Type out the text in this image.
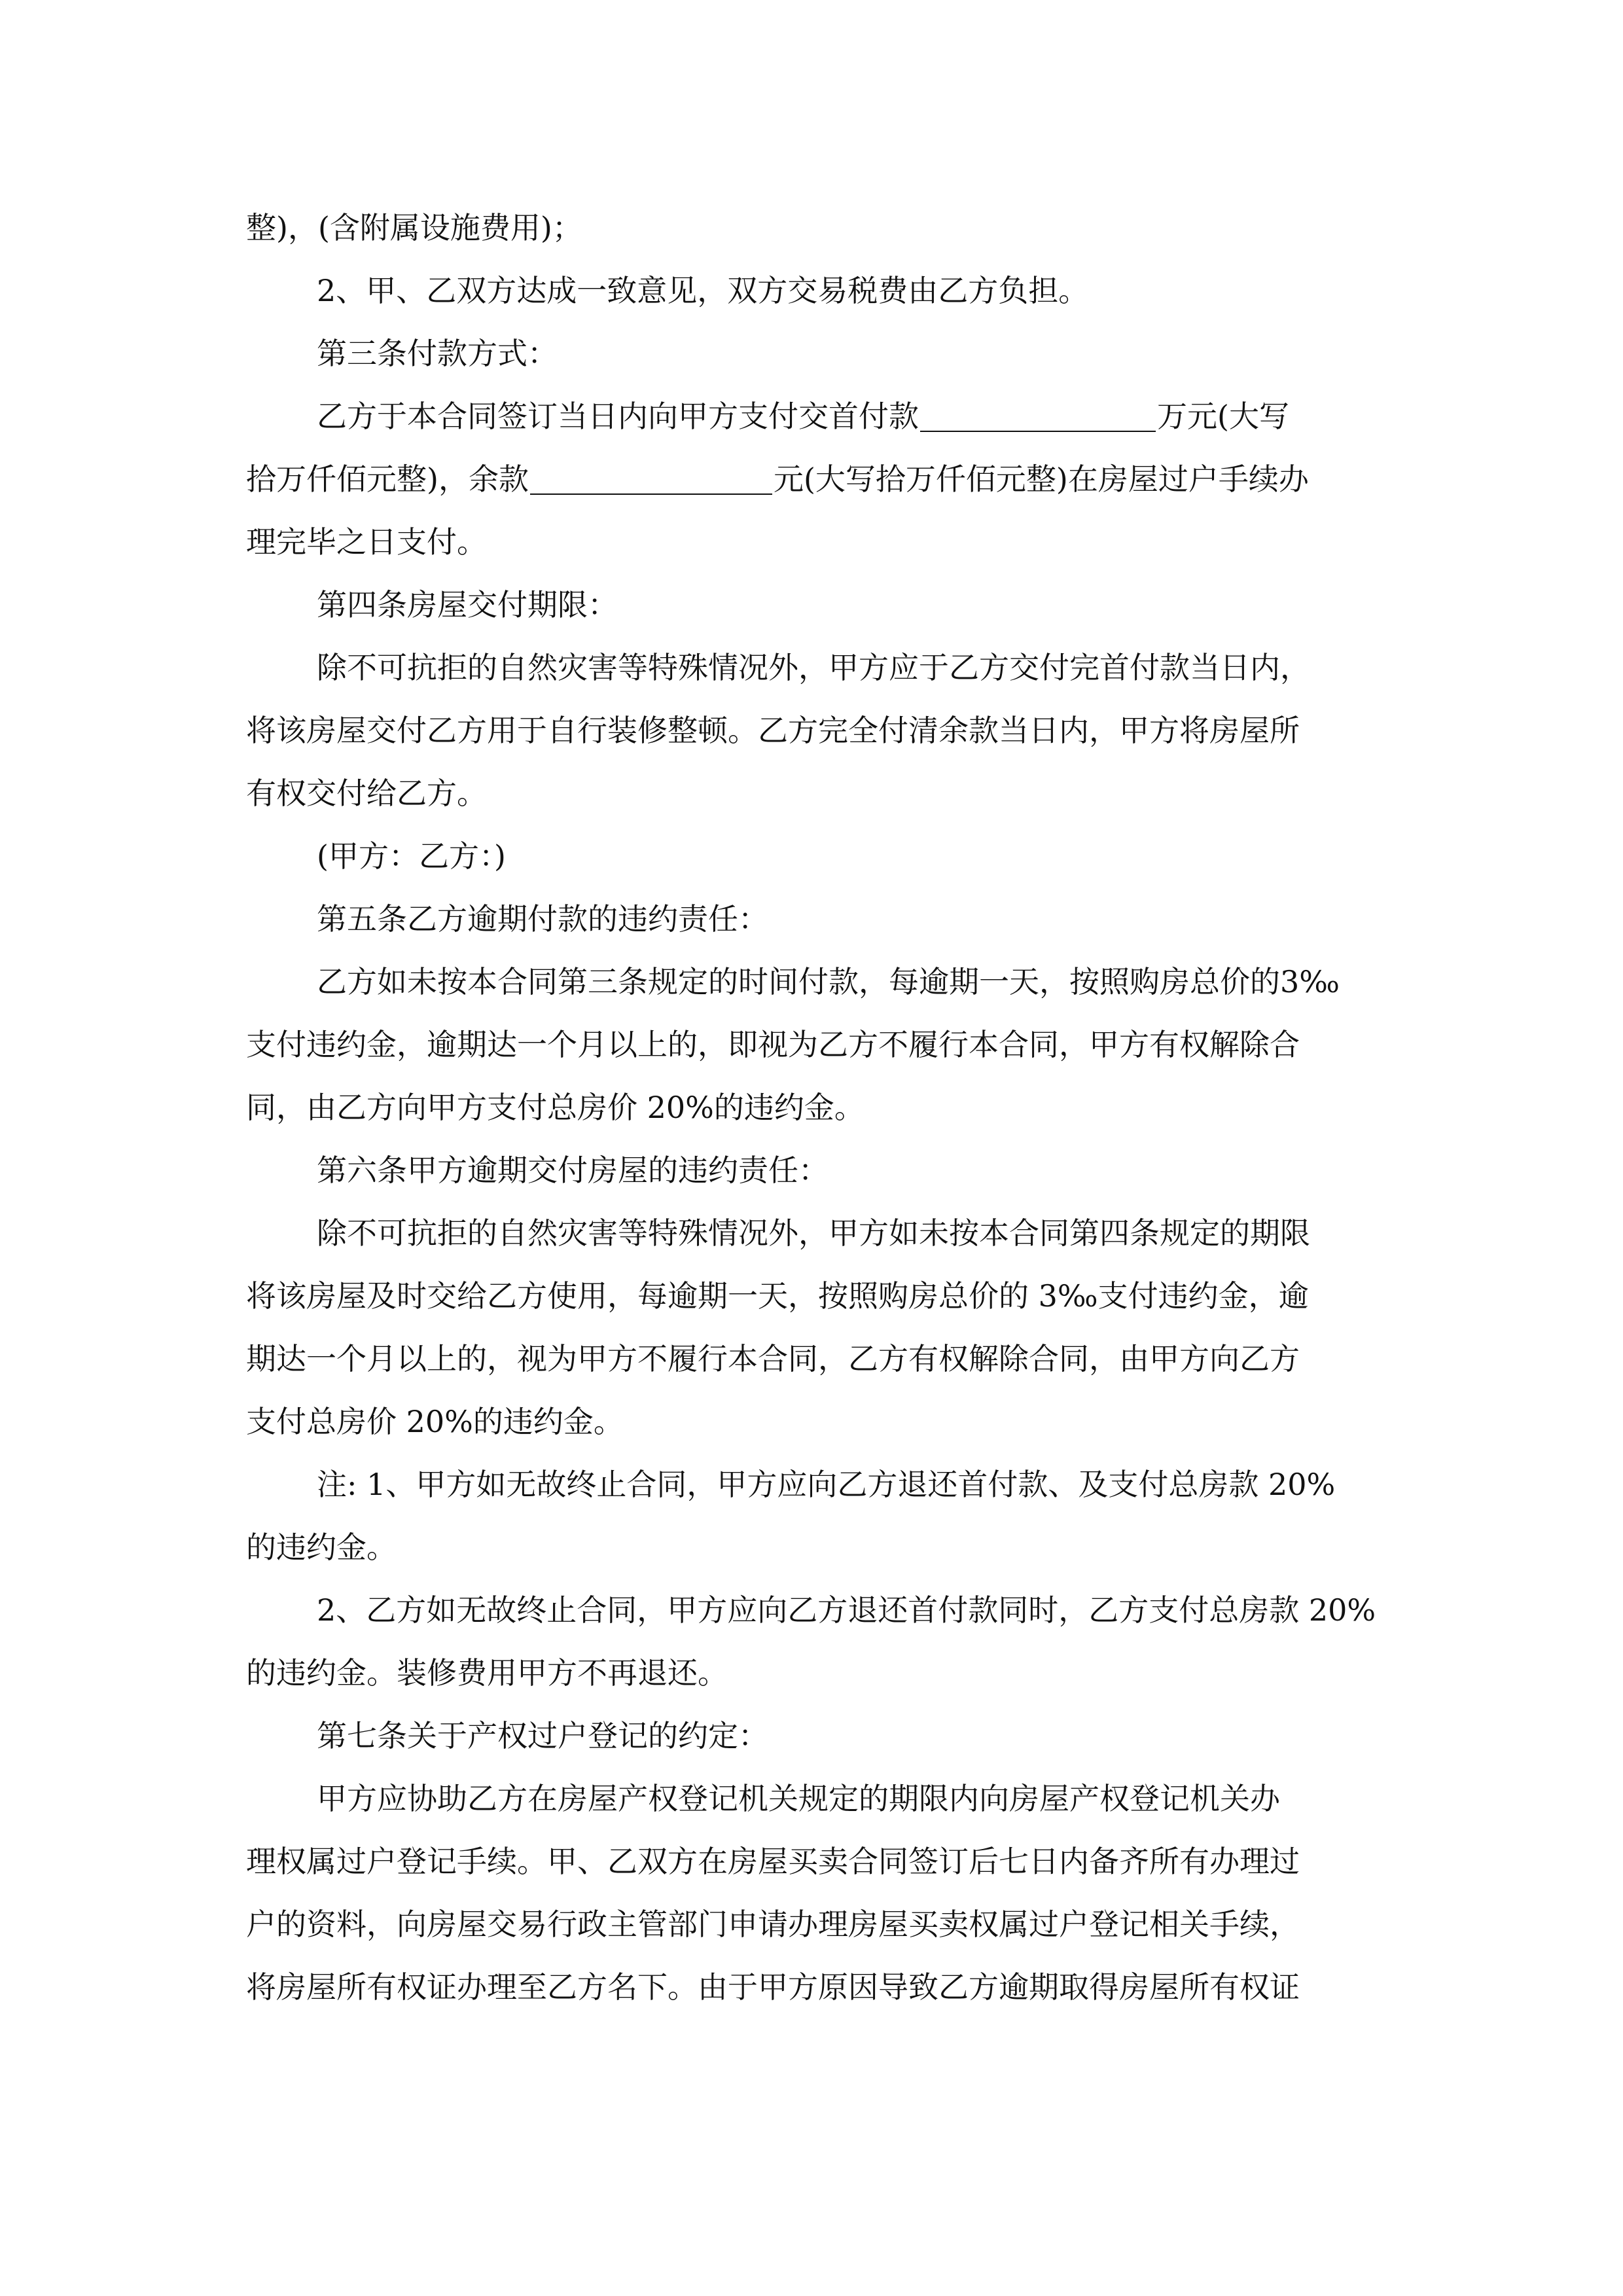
整)，(含附属设施费用)；
2、甲、乙双方达成一致意见，双方交易税费由乙方负担。
第三条付款方式：
乙方于本合同签订当日内向甲方支付交首付款	万元(大写
拾万仟佰元整)，余款	元(大写拾万仟佰元整)在房屋过户手续办
理完毕之日支付。
第四条房屋交付期限：
除不可抗拒的自然灾害等特殊情况外，甲方应于乙方交付完首付款当日内，
将该房屋交付乙方用于自行装修整顿。乙方完全付清余款当日内，甲方将房屋所
有权交付给乙方。
(甲方：乙方：)
第五条乙方逾期付款的违约责任：
乙方如未按本合同第三条规定的时间付款，每逾期一天，按照购房总价的3‰
支付违约金，逾期达一个月以上的，即视为乙方不履行本合同，甲方有权解除合
同，由乙方向甲方支付总房价 20%的违约金。
第六条甲方逾期交付房屋的违约责任：
除不可抗拒的自然灾害等特殊情况外，甲方如未按本合同第四条规定的期限
将该房屋及时交给乙方使用，每逾期一天，按照购房总价的 3‰支付违约金，逾
期达一个月以上的，视为甲方不履行本合同，乙方有权解除合同，由甲方向乙方
支付总房价 20%的违约金。
注: 1、甲方如无故终止合同，甲方应向乙方退还首付款、及支付总房款 20%
的违约金。
2、乙方如无故终止合同，甲方应向乙方退还首付款同时，乙方支付总房款 20%
的违约金。装修费用甲方不再退还。
第七条关于产权过户登记的约定：
甲方应协助乙方在房屋产权登记机关规定的期限内向房屋产权登记机关办
理权属过户登记手续。甲、乙双方在房屋买卖合同签订后七日内备齐所有办理过
户的资料，向房屋交易行政主管部门申请办理房屋买卖权属过户登记相关手续，
将房屋所有权证办理至乙方名下。由于甲方原因导致乙方逾期取得房屋所有权证
